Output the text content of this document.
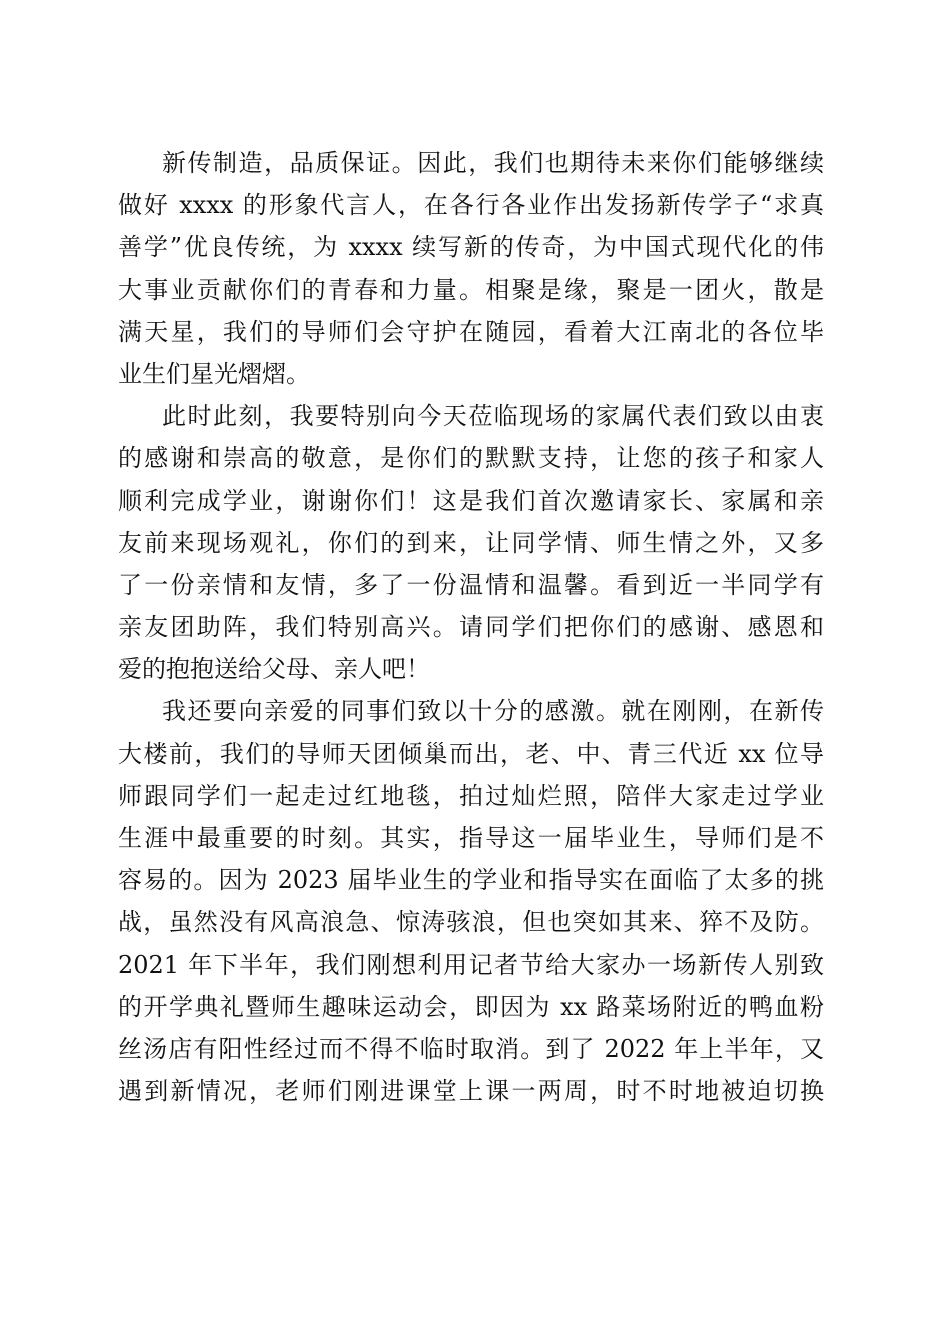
新传制造，品质保证。因此，我们也期待未来你们能够继续
做好 xxxx 的形象代言人，在各行各业作出发扬新传学子“求真
善学”优良传统，为 xxxx 续写新的传奇，为中国式现代化的伟
大事业贡献你们的青春和力量。相聚是缘，聚是一团火，散是
满天星，我们的导师们会守护在随园，看着大江南北的各位毕
业生们星光熠熠。
此时此刻，我要特别向今天莅临现场的家属代表们致以由衷
的感谢和崇高的敬意，是你们的默默支持，让您的孩子和家人
顺利完成学业，谢谢你们！这是我们首次邀请家长、家属和亲
友前来现场观礼，你们的到来，让同学情、师生情之外，又多
了一份亲情和友情，多了一份温情和温馨。看到近一半同学有
亲友团助阵，我们特别高兴。请同学们把你们的感谢、感恩和
爱的抱抱送给父母、亲人吧！
我还要向亲爱的同事们致以十分的感激。就在刚刚，在新传
大楼前，我们的导师天团倾巢而出，老、中、青三代近 xx 位导
师跟同学们一起走过红地毯，拍过灿烂照，陪伴大家走过学业
生涯中最重要的时刻。其实，指导这一届毕业生，导师们是不
容易的。因为 2023 届毕业生的学业和指导实在面临了太多的挑
战，虽然没有风高浪急、惊涛骇浪，但也突如其来、猝不及防。
2021 年下半年，我们刚想利用记者节给大家办一场新传人别致
的开学典礼暨师生趣味运动会，即因为 xx 路菜场附近的鸭血粉
丝汤店有阳性经过而不得不临时取消。到了 2022 年上半年，又
遇到新情况，老师们刚进课堂上课一两周，时不时地被迫切换
